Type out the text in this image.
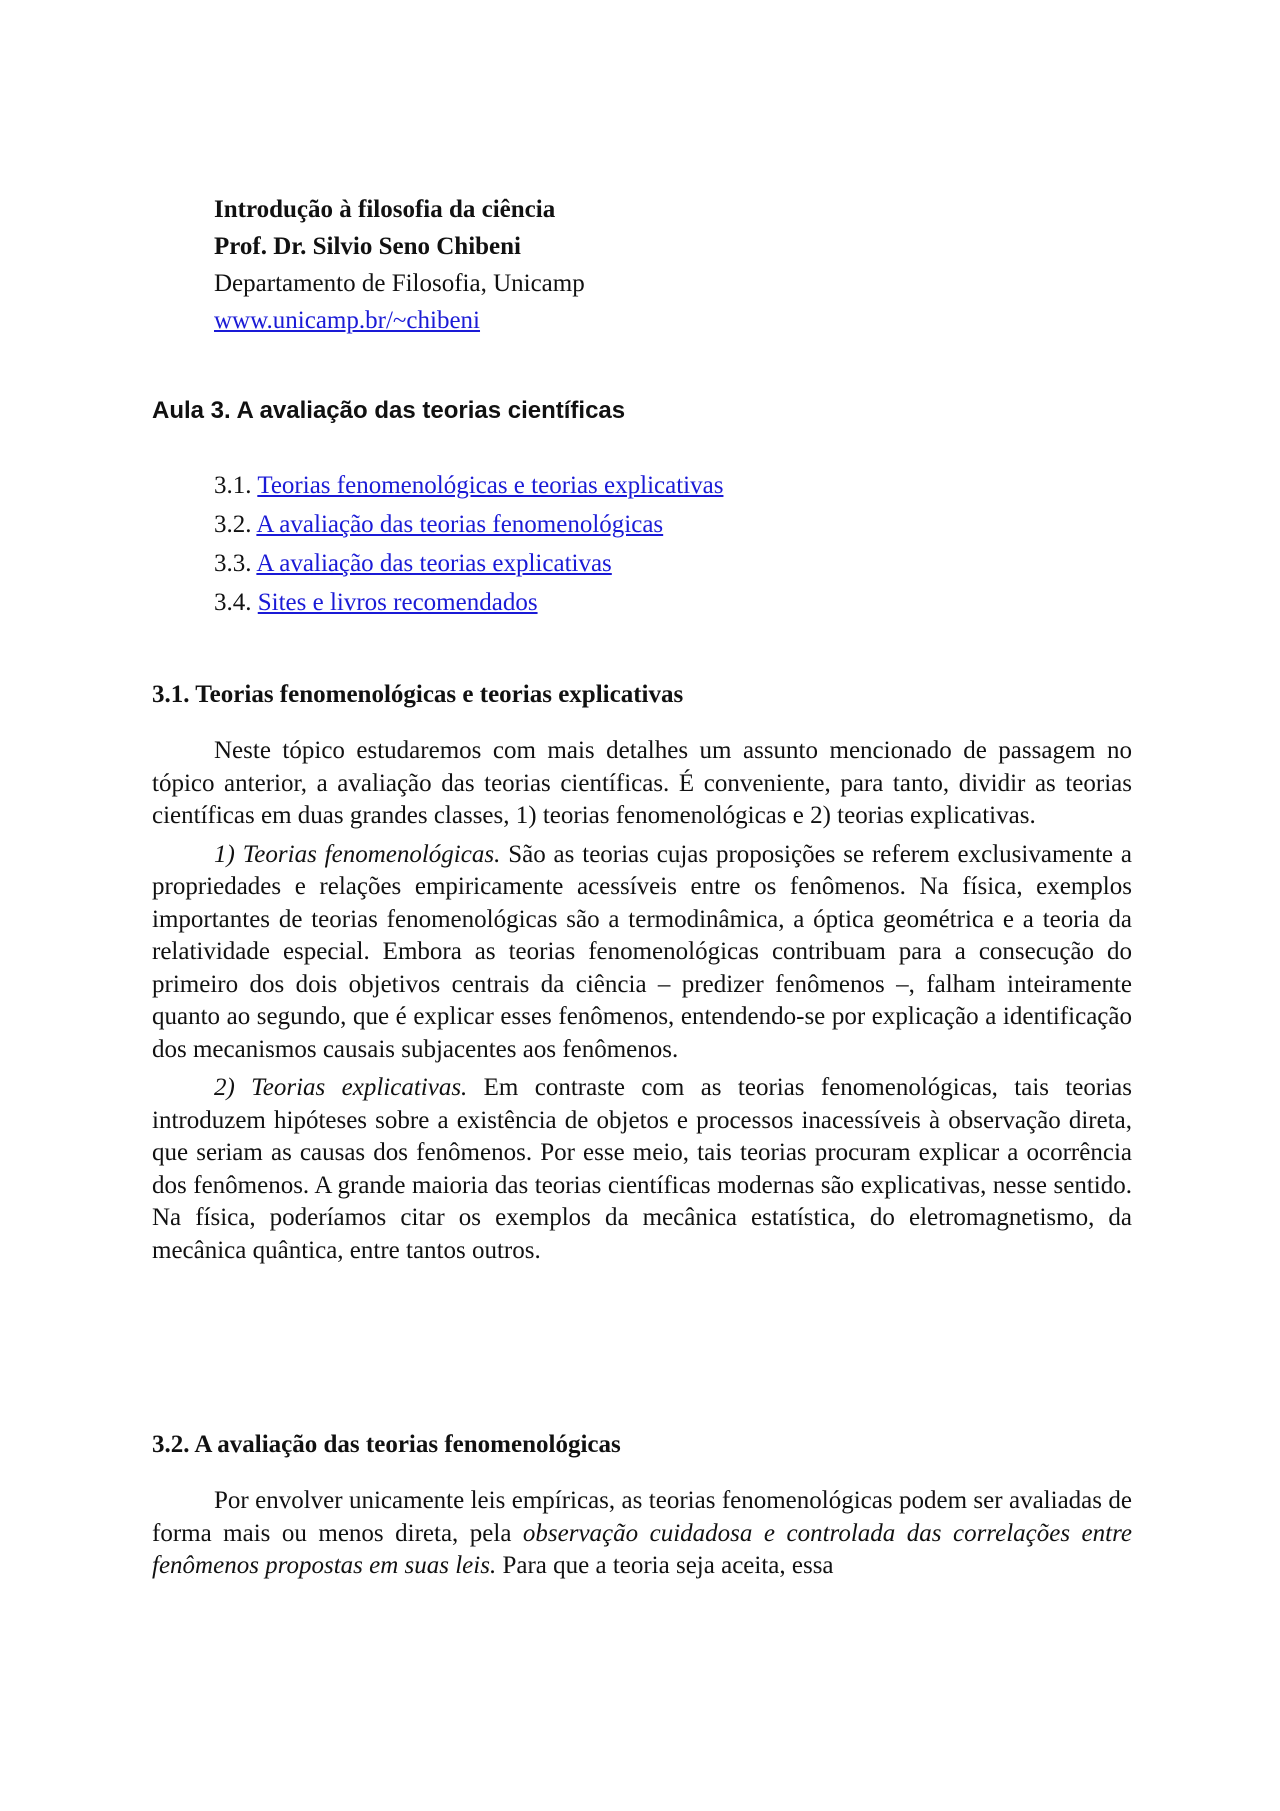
Introdução à filosofia da ciência
Prof. Dr. Silvio Seno Chibeni
Departamento de Filosofia, Unicamp
www.unicamp.br/~chibeni
Aula 3. A avaliação das teorias científicas
3.1. Teorias fenomenológicas e teorias explicativas
3.2. A avaliação das teorias fenomenológicas
3.3. A avaliação das teorias explicativas
3.4. Sites e livros recomendados
3.1. Teorias fenomenológicas e teorias explicativas

Neste tópico estudaremos com mais detalhes um assunto mencionado de passagem no tópico anterior, a avaliação das teorias científicas. É conveniente, para tanto, dividir as teorias científicas em duas grandes classes, 1) teorias fenomenológicas e 2) teorias explicativas.

1) Teorias fenomenológicas. São as teorias cujas proposições se referem exclusivamente a propriedades e relações empiricamente acessíveis entre os fenômenos. Na física, exemplos importantes de teorias fenomenológicas são a termodinâmica, a óptica geométrica e a teoria da relatividade especial. Embora as teorias fenomenológicas contribuam para a consecução do primeiro dos dois objetivos centrais da ciência – predizer fenômenos –, falham inteiramente quanto ao segundo, que é explicar esses fenômenos, entendendo-se por explicação a identificação dos mecanismos causais subjacentes aos fenômenos.

2) Teorias explicativas. Em contraste com as teorias fenomenológicas, tais teorias introduzem hipóteses sobre a existência de objetos e processos inacessíveis à observação direta, que seriam as causas dos fenômenos. Por esse meio, tais teorias procuram explicar a ocorrência dos fenômenos. A grande maioria das teorias científicas modernas são explicativas, nesse sentido. Na física, poderíamos citar os exemplos da mecânica estatística, do eletromagnetismo, da mecânica quântica, entre tantos outros.

3.2. A avaliação das teorias fenomenológicas

Por envolver unicamente leis empíricas, as teorias fenomenológicas podem ser avaliadas de forma mais ou menos direta, pela observação cuidadosa e controlada das correlações entre fenômenos propostas em suas leis. Para que a teoria seja aceita, essa
